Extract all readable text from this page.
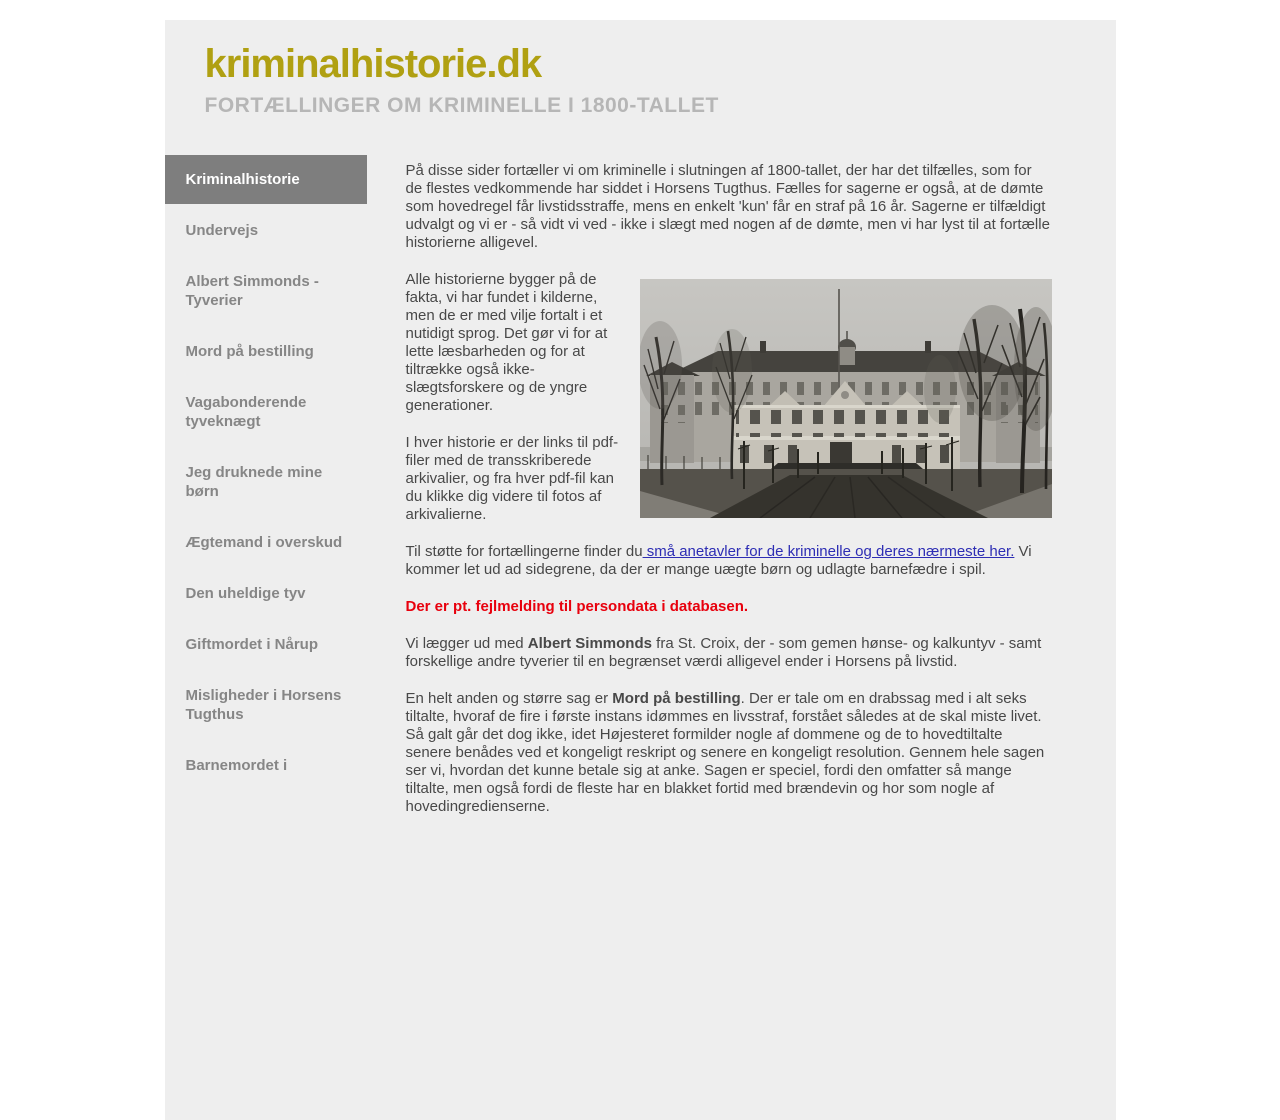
kriminalhistorie.dk
FORTÆLLINGER OM KRIMINELLE I 1800-TALLET
Kriminalhistorie
Undervejs
Albert Simmonds - Tyverier
Mord på bestilling
Vagabonderende tyveknægt
Jeg druknede mine børn
Ægtemand i overskud
Den uheldige tyv
Giftmordet i Nårup
Misligheder i Horsens Tugthus
Barnemordet i

På disse sider fortæller vi om kriminelle i slutningen af 1800-tallet, der har det tilfælles, som for de flestes vedkommende har siddet i Horsens Tugthus. Fælles for sagerne er også, at de dømte som hovedregel får livstidsstraffe, mens en enkelt 'kun' får en straf på 16 år. Sagerne er tilfældigt udvalgt og vi er - så vidt vi ved - ikke i slægt med nogen af de dømte, men vi har lyst til at fortælle historierne alligevel.

Alle historierne bygger på de fakta, vi har fundet i kilderne, men de er med vilje fortalt i et nutidigt sprog. Det gør vi for at lette læsbarheden og for at tiltrække også ikke-slægtsforskere og de yngre generationer.

I hver historie er der links til pdf-filer med de transskriberede arkivalier, og fra hver pdf-fil kan du klikke dig videre til fotos af arkivalierne.

Til støtte for fortællingerne finder du små anetavler for de kriminelle og deres nærmeste her. Vi kommer let ud ad sidegrene, da der er mange uægte børn og udlagte barnefædre i spil.

Der er pt. fejlmelding til persondata i databasen.

Vi lægger ud med Albert Simmonds fra St. Croix, der - som gemen hønse- og kalkuntyv - samt forskellige andre tyverier til en begrænset værdi alligevel ender i Horsens på livstid.

En helt anden og større sag er Mord på bestilling. Der er tale om en drabssag med i alt seks tiltalte, hvoraf de fire i første instans idømmes en livsstraf, forstået således at de skal miste livet. Så galt går det dog ikke, idet Højesteret formilder nogle af dommene og de to hovedtiltalte senere benådes ved et kongeligt reskript og senere en kongeligt resolution. Gennem hele sagen ser vi, hvordan det kunne betale sig at anke. Sagen er speciel, fordi den omfatter så mange tiltalte, men også fordi de fleste har en blakket fortid med brændevin og hor som nogle af hovedingredienserne.
